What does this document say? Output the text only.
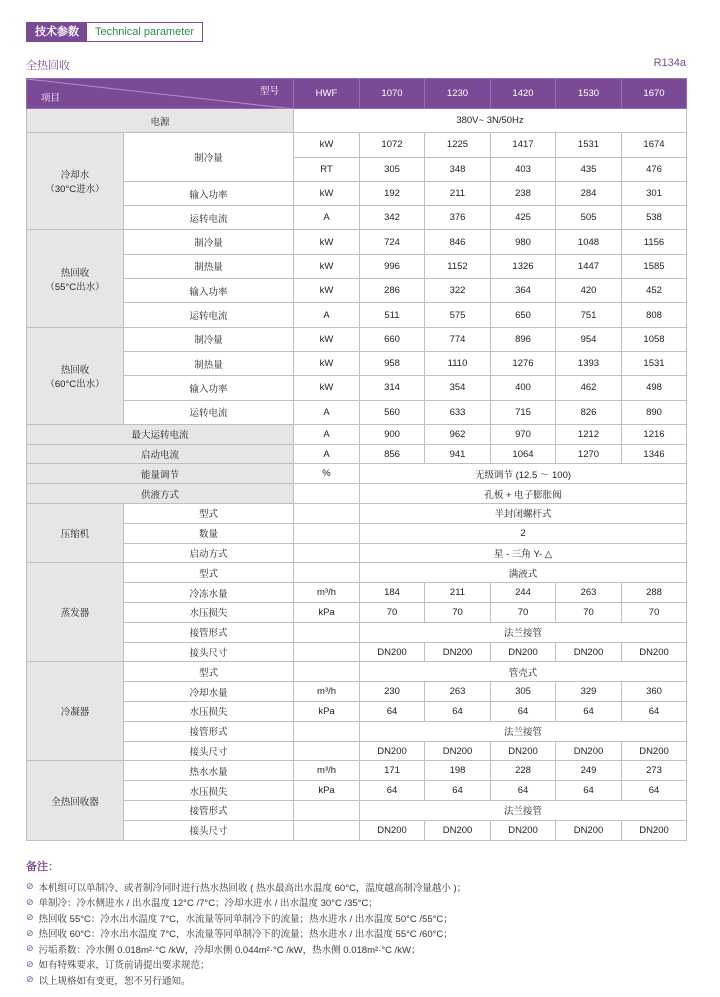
技术参数	Technical parameter
全热回收	R134a
项目
型号		HWF	1070	1230	1420	1530	1670
电源		380V~ 3N/50Hz					
冷却水
（30°C进水）	制冷量	kW	1072	1225	1417	1531	1674
		RT	305	348	403	435	476
	输入功率	kW	192	211	238	284	301
	运转电流	A	342	376	425	505	538
热回收
（55°C出水）	制冷量	kW	724	846	980	1048	1156
	制热量	kW	996	1152	1326	1447	1585
	输入功率	kW	286	322	364	420	452
	运转电流	A	511	575	650	751	808
热回收
（60°C出水）	制冷量	kW	660	774	896	954	1058
	制热量	kW	958	1110	1276	1393	1531
	输入功率	kW	314	354	400	462	498
	运转电流	A	560	633	715	826	890
最大运转电流		A	900	962	970	1212	1216
启动电流		A	856	941	1064	1270	1346
能量调节		%	无级调节 (12.5 ～ 100)				
供液方式			孔板 + 电子膨胀阀				
压缩机	型式		半封闭螺杆式				
	数量		2				
	启动方式		星 - 三角 Y- △				
蒸发器	型式		满液式				
	冷冻水量	m³/h	184	211	244	263	288
	水压损失	kPa	70	70	70	70	70
	接管形式		法兰接管				
	接头尺寸		DN200	DN200	DN200	DN200	DN200
冷凝器	型式		管壳式				
	冷却水量	m³/h	230	263	305	329	360
	水压损失	kPa	64	64	64	64	64
	接管形式		法兰接管				
	接头尺寸		DN200	DN200	DN200	DN200	DN200
全热回收器	热水水量	m³/h	171	198	228	249	273
	水压损失	kPa	64	64	64	64	64
	接管形式		法兰接管				
	接头尺寸		DN200	DN200	DN200	DN200	DN200
备注：
⊘ 本机组可以单制冷、或者制冷同时进行热水热回收 ( 热水最高出水温度 60°C，温度越高制冷量越小 )；
⊘ 单制冷：冷水侧进水 / 出水温度 12°C /7°C；冷却水进水 / 出水温度 30°C /35°C；
⊘ 热回收 55°C：冷水出水温度 7°C，水流量等同单制冷下的流量；热水进水 / 出水温度 50°C /55°C；
⊘ 热回收 60°C：冷水出水温度 7°C，水流量等同单制冷下的流量；热水进水 / 出水温度 55°C /60°C；
⊘ 污垢系数：冷水侧 0.018m²·°C /kW，冷却水侧 0.044m²·°C /kW，热水侧 0.018m²·°C /kW；
⊘ 如有特殊要求，订货前请提出要求规范；
⊘ 以上规格如有变更，恕不另行通知。
